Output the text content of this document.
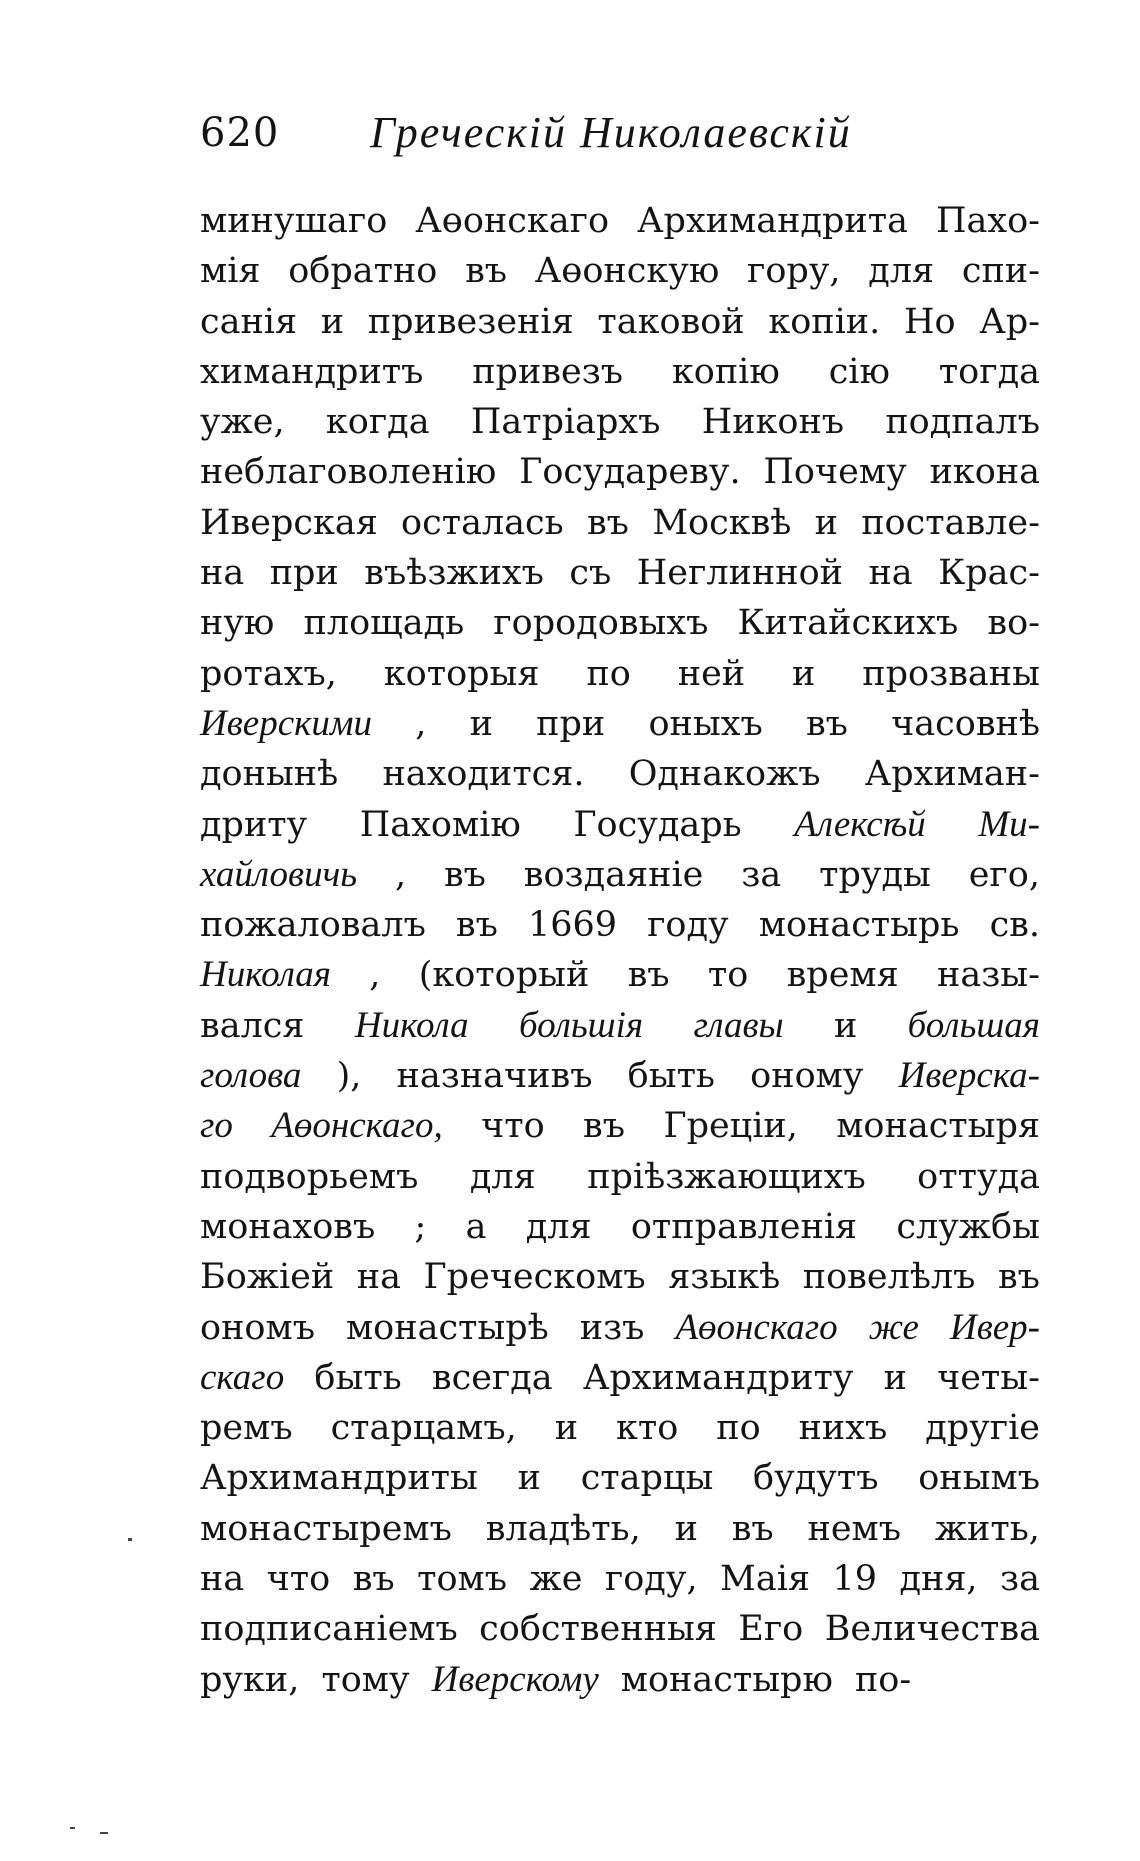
620 Греческій Николаевскій
минушаго Аөонскаго Архимандрита Пахо-
мія обратно въ Аөонскую гору, для спи-
санія и привезенія таковой копіи. Но Ар-
химандритъ привезъ копію сію тогда
уже, когда Патріархъ Никонъ подпалъ
неблаговоленію Государеву. Почему икона
Иверская осталась въ Москвѣ и поставле-
на при въѣзжихъ съ Неглинной на Крас-
ную площадь городовыхъ Китайскихъ во-
ротахъ, которыя по ней и прозваны
Иверскими , и при оныхъ въ часовнѣ
донынѣ находится. Однакожъ Архиман-
дриту Пахомію Государь Алексѣй Ми-
хайловичь , въ воздаяніе за труды его,
пожаловалъ въ 1669 году монастырь св.
Николая , (который въ то время назы-
вался Никола большія главы и большая
голова ), назначивъ быть оному Иверска-
го Аөонскаго, что въ Греціи, монастыря
подворьемъ для пріѣзжающихъ оттуда
монаховъ ; а для отправленія службы
Божіей на Греческомъ языкѣ повелѣлъ въ
ономъ монастырѣ изъ Аөонскаго же Ивер-
скаго быть всегда Архимандриту и четы-
ремъ старцамъ, и кто по нихъ другіе
Архимандриты и старцы будутъ онымъ
монастыремъ владѣть, и въ немъ жить,
на что въ томъ же году, Маія 19 дня, за
подписаніемъ собственныя Его Величества
руки, тому Иверскому монастырю по-
